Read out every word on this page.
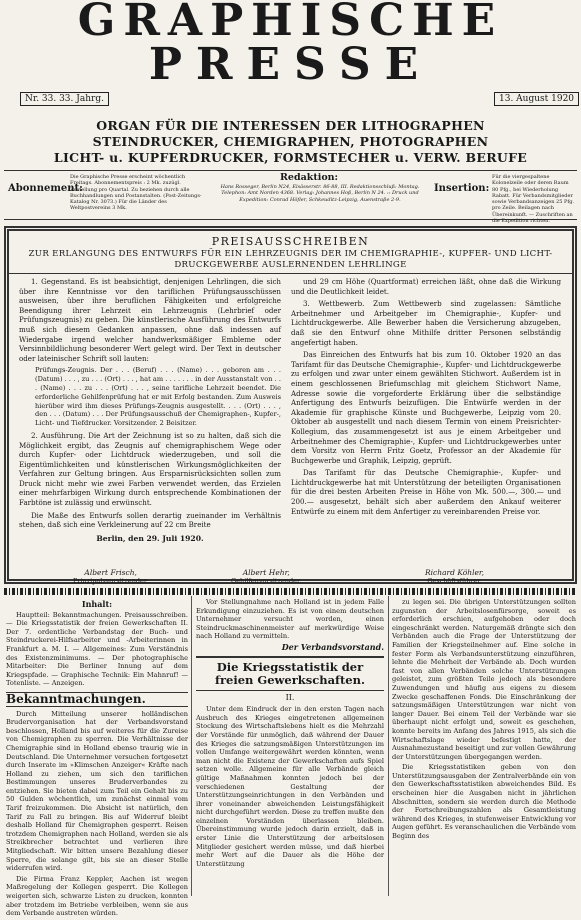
GRAPHISCHE
PRESSE
Nr. 33. 33. Jahrg.	13. August 1920
ORGAN FÜR DIE INTERESSEN DER LITHOGRAPHEN
STEINDRUCKER, CHEMIGRAPHEN, PHOTOGRAPHEN
LICHT- u. KUPFERDRUCKER, FORMSTECHER u. VERW. BERUFE
Abonnement:
Die Graphische Presse erscheint wöchentlich Freitags. Abonnementspreis : 2 Mk. zuzügl. Zustellung pro Quartal. Zu beziehen durch alle Buchhandlungen und Postanstalten. (Post-Zeitungs-Katalog Nr. 3073.) Für die Länder des Weltpostvereins 3 Mk.
Redaktion:
Hans Rosseger, Berlin N24, Elsässerstr. 86-88, III. Redaktionsschluß: Montag. Telephon: Amt Norden 4368. Verlag: Johannes Hoß, Berlin N 24. :: Druck und Expedition: Conrad Höfler, Schkeuditz-Leipzig, Auenstraße 2-9.
Insertion:
Für die viergespaltene Kolonelzeile oder deren Raum 80 Pfg., bei Wiederholung Rabatt. Für Verbandsmitglieder sowie Verbandsanzeigen 25 Pfg. pro Zeile. Beilagen nach Übereinkunft. — Zuschriften an die Expedition richten.
PREISAUSSCHREIBEN
ZUR ERLANGUNG DES ENTWURFS FÜR EIN LEHRZEUGNIS DER IM CHEMIGRAPHIE-, KUPFER- UND LICHT-DRUCKGEWERBE AUSLERNENDEN LEHRLINGE

1. Gegenstand. Es ist beabsichtigt, denjenigen Lehrlingen, die sich über ihre Kenntnisse vor den tariflichen Prüfungsausschüssen ausweisen, über ihre beruflichen Fähigkeiten und erfolgreiche Beendigung ihrer Lehrzeit ein Lehrzeugnis (Lehrbrief oder Prüfungszeugnis) zu geben. Die künstlerische Ausführung des Entwurfs muß sich diesem Gedanken anpassen, ohne daß indessen auf Wiedergabe irgend welcher handwerksmäßiger Embleme oder Versinnbildlichung besonderer Wert gelegt wird. Der Text in deutscher oder lateinischer Schrift soll lauten:

Prüfungs-Zeugnis. Der . . . (Beruf) . . . (Name) . . . geboren am . . . (Datum) . . . , zu . . . (Ort) . . . , hat am . . . . . . . in der Ausstanstalt von . . . (Name) . . . zu . . . (Ort) . . . , seine tarifliche Lehrzeit beendet. Die erforderliche Gehilfenprüfung hat er mit Erfolg bestanden. Zum Ausweis hierüber wird ihm dieses Prüfungs-Zeugnis ausgestellt. . . . (Ort) . . . , den . . . (Datum) . . . Der Prüfungsausschuß der Chemigraphen-, Kupfer-, Licht- und Tiefdrucker. Vorsitzender. 2 Beisitzer.

2. Ausführung. Die Art der Zeichnung ist so zu halten, daß sich die Möglichkeit ergibt, das Zeugnis auf chemigraphischem Wege oder durch Kupfer- oder Lichtdruck wiederzugeben, und soll die Eigentümlichkeiten und künstlerischen Wirkungsmöglichkeiten der Verfahren zur Geltung bringen. Aus Ersparnisrücksichten sollen zum Druck nicht mehr wie zwei Farben verwendet werden, das Erzielen einer mehrfarbigen Wirkung durch entsprechende Kombinationen der Farbtöne ist zulässig und erwünscht.

Die Maße des Entwurfs sollen derartig zueinander im Verhältnis stehen, daß sich eine Verkleinerung auf 22 cm Breite

Berlin, den 29. Juli 1920.

und 29 cm Höhe (Quartformat) erreichen läßt, ohne daß die Wirkung und die Deutlichkeit leidet.

3. Wettbewerb. Zum Wettbewerb sind zugelassen: Sämtliche Arbeitnehmer und Arbeitgeber im Chemigraphie-, Kupfer- und Lichtdruckgewerbe. Alle Bewerber haben die Versicherung abzugeben, daß sie den Entwurf ohne Mithilfe dritter Personen selbständig angefertigt haben.

Das Einreichen des Entwurfs hat bis zum 10. Oktober 1920 an das Tarifamt für das Deutsche Chemigraphie-, Kupfer- und Lichtdruckgewerbe zu erfolgen und zwar unter einem gewählten Stichwort. Außerdem ist in einem geschlossenen Briefumschlag mit gleichem Stichwort Name, Adresse sowie die vorgeforderte Erklärung über die selbständige Anfertigung des Entwurfs beizufügen. Die Entwürfe werden in der Akademie für graphische Künste und Buchgewerbe, Leipzig vom 20. Oktober ab ausgestellt und nach diesem Termin von einem Preisrichter-Kollegium, das zusammengesetzt ist aus je einem Arbeitgeber und Arbeitnehmer des Chemigraphie-, Kupfer- und Lichtdruckgewerbes unter dem Vorsitz von Herrn Fritz Goetz, Professor an der Akademie für Buchgewerbe und Graphik, Leipzig, geprüft.

Das Tarifamt für das Deutsche Chemigraphie-, Kupfer- und Lichtdruckgewerbe hat mit Unterstützung der beteiligten Organisationen für die drei besten Arbeiten Preise in Höhe von Mk. 500.—, 300.— und 200.— ausgesetzt, behält sich aber außerdem den Ankauf weiterer Entwürfe zu einem mit dem Anfertiger zu vereinbarenden Preise vor.

Albert Frisch,
Prinzipalsvorsitzender.
Albert Hehr,
Gehilfenvorsitzender.
Richard Köhler,
Geschäftsführer.
Inhalt:

Hauptteil: Bekanntmachungen. Preisausschreiben. — Die Kriegsstatistik der freien Gewerkschaften II. Der 7. ordentliche Verbandstag der Buch- und Steindruckerei-Hilfsarbeiter und -Arbeiterinnen in Frankfurt a. M. I. — Allgemeines: Zum Verständnis des Existenzminimums. — Der photographische Mitarbeiter: Die Berliner Innung auf dem Kriegspfade. — Graphische Technik: Ein Mahnruf! — Totenliste. — Anzeigen.

Bekanntmachungen.

Durch Mitteilung unserer holländischen Brudervorganisation hat der Verbandsvorstand beschlossen, Holland bis auf weiteres für die Zureise von Chemigraphen zu sperren. Die Verhältnisse der Chemigraphie sind in Holland ebenso traurig wie in Deutschland. Die Unternehmer versuchen fortgesetzt durch Inserate im »Klimschen Anzeiger« Kräfte nach Holland zu ziehen, um sich den tariflichen Bestimmungen unseres Bruderverbandes zu entziehen. Sie bieten dabei zum Teil ein Gehalt bis zu 50 Gulden wöchentlich, um zunächst einmal vom Tarif freizukommen. Die Absicht ist natürlich, den Tarif zu Fall zu bringen. Bis auf Widerruf bleibt deshalb Holland für Chemigraphen gesperrt. Reisen trotzdem Chemigraphen nach Holland, werden sie als Streikbrecher betrachtet und verlieren ihre Mitgliedschaft. Wir bitten unsere Bezahlung dieser Sperre, die solange gilt, bis sie an dieser Stelle widerrufen wird.

Die Firma Franz Keppler, Aachen ist wegen Maßregelung der Kollegen gesperrt. Die Kollegen weigerten sich, schwarze Listen zu drucken, konnten aber trotzdem im Betriebe verbleiben, wenn sie aus dem Verbande austreten würden.

Vor Stellungnahme nach Holland ist in jedem Falle Erkundigung einzuziehen. Es ist von einem deutschen Unternehmer versucht worden, einen Steindruckmaschinenmeister auf merkwürdige Weise nach Holland zu vermitteln.

Der Verbandsvorstand.
Die Kriegsstatistik der freien Gewerkschaften.
II.

Unter dem Eindruck der in den ersten Tagen nach Ausbruch des Krieges eingetretenen allgemeinen Stockung des Wirtschaftslebens hielt es die Mehrzahl der Vorstände für unmöglich, daß während der Dauer des Krieges die satzungsmäßigen Unterstützungen im vollen Umfange weitergewährt werden könnten, wenn man nicht die Existenz der Gewerkschaften aufs Spiel setzen wolle. Allgemeine für alle Verbände gleich gültige Maßnahmen konnten jedoch bei der verschiedenen Gestaltung der Unterstützungseinrichtungen in den Verbänden und ihrer voneinander abweichenden Leistungsfähigkeit nicht durchgeführt werden. Diese zu treffen mußte den einzelnen Vorständen überlassen bleiben. Übereinstimmung wurde jedoch darin erzielt, daß in erster Linie die Unterstützung der arbeitslosen Mitglieder gesichert werden müsse, und daß hierbei mehr Wert auf die Dauer als die Höhe der Unterstützung

zu legen sei. Die übrigen Unterstützungen sollten zugunsten der Arbeitslosenfürsorge, soweit es erforderlich erschien, aufgehoben oder doch eingeschränkt werden. Naturgemäß drängte sich den Verbänden auch die Frage der Unterstützung der Familien der Kriegsteilnehmer auf. Eine solche in fester Form als Verbandsunterstützung einzuführen, lehnte die Mehrheit der Verbände ab. Doch wurden fast von allen Verbänden solche Unterstützungen geleistet, zum größten Teile jedoch als besondere Zuwendungen und häufig aus eigens zu diesem Zwecke geschaffenen Fonds. Die Einschränkung der satzungsmäßigen Unterstützungen war nicht von langer Dauer. Bei einem Teil der Verbände war sie überhaupt nicht erfolgt und, soweit es geschehen, konnte bereits im Anfang des Jahres 1915, als sich die Wirtschaftslage wieder befestigt hatte, der Ausnahmezustand beseitigt und zur vollen Gewährung der Unterstützungen übergegangen werden.

Die Kriegsstatistiken geben von den Unterstützungsausgaben der Zentralverbände ein von den Gewerkschaftsstatistiken abweichendes Bild. Es erscheinen hier die Ausgaben nicht in jährlichen Abschnitten, sondern sie werden durch die Methode der Fortschreibungszahlen als Gesamtleistung während des Krieges, in stufenweiser Entwicklung vor Augen geführt. Es veranschaulichen die Verbände vom Beginn des
